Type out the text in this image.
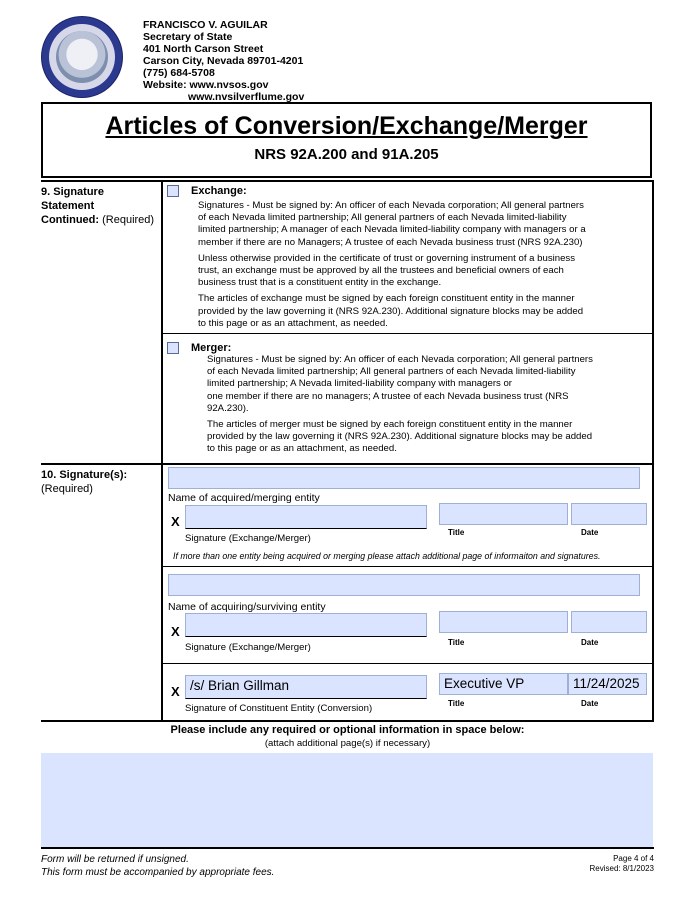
FRANCISCO V. AGUILAR
Secretary of State
401 North Carson Street
Carson City, Nevada 89701-4201
(775) 684-5708
Website: www.nvsos.gov
www.nvsilverflume.gov
Articles of Conversion/Exchange/Merger
NRS 92A.200 and 91A.205
9. Signature
Statement
Continued: (Required)
Exchange:
Signatures - Must be signed by: An officer of each Nevada corporation; All general partners
of each Nevada limited partnership; All general partners of each Nevada limited-liability
limited partnership; A manager of each Nevada limited-liability company with managers or a
member if there are no Managers; A trustee of each Nevada business trust (NRS 92A.230)
Unless otherwise provided in the certificate of trust or governing instrument of a business
trust, an exchange must be approved by all the trustees and beneficial owners of each
business trust that is a constituent entity in the exchange.
The articles of exchange must be signed by each foreign constituent entity in the manner
provided by the law governing it (NRS 92A.230). Additional signature blocks may be added
to this page or as an attachment, as needed.
Merger:
Signatures - Must be signed by: An officer of each Nevada corporation; All general partners
of each Nevada limited partnership; All general partners of each Nevada limited-liability
limited partnership; A Nevada limited-liability company with managers or
one member if there are no managers; A trustee of each Nevada business trust (NRS
92A.230).
The articles of merger must be signed by each foreign constituent entity in the manner
provided by the law governing it (NRS 92A.230). Additional signature blocks may be added
to this page or as an attachment, as needed.
10. Signature(s):
(Required)
Name of acquired/merging entity
X
Signature (Exchange/Merger)
Title	Date
If more than one entity being acquired or merging please attach additional page of informaiton and signatures.
Name of acquiring/surviving entity
X
Signature (Exchange/Merger)	Title	Date
X /s/ Brian Gillman
Signature of Constituent Entity (Conversion)
Executive VP	11/24/2025
Title	Date
Please include any required or optional information in space below:
(attach additional page(s) if necessary)
Form will be returned if unsigned.
This form must be accompanied by appropriate fees.
Page 4 of 4
Revised: 8/1/2023
